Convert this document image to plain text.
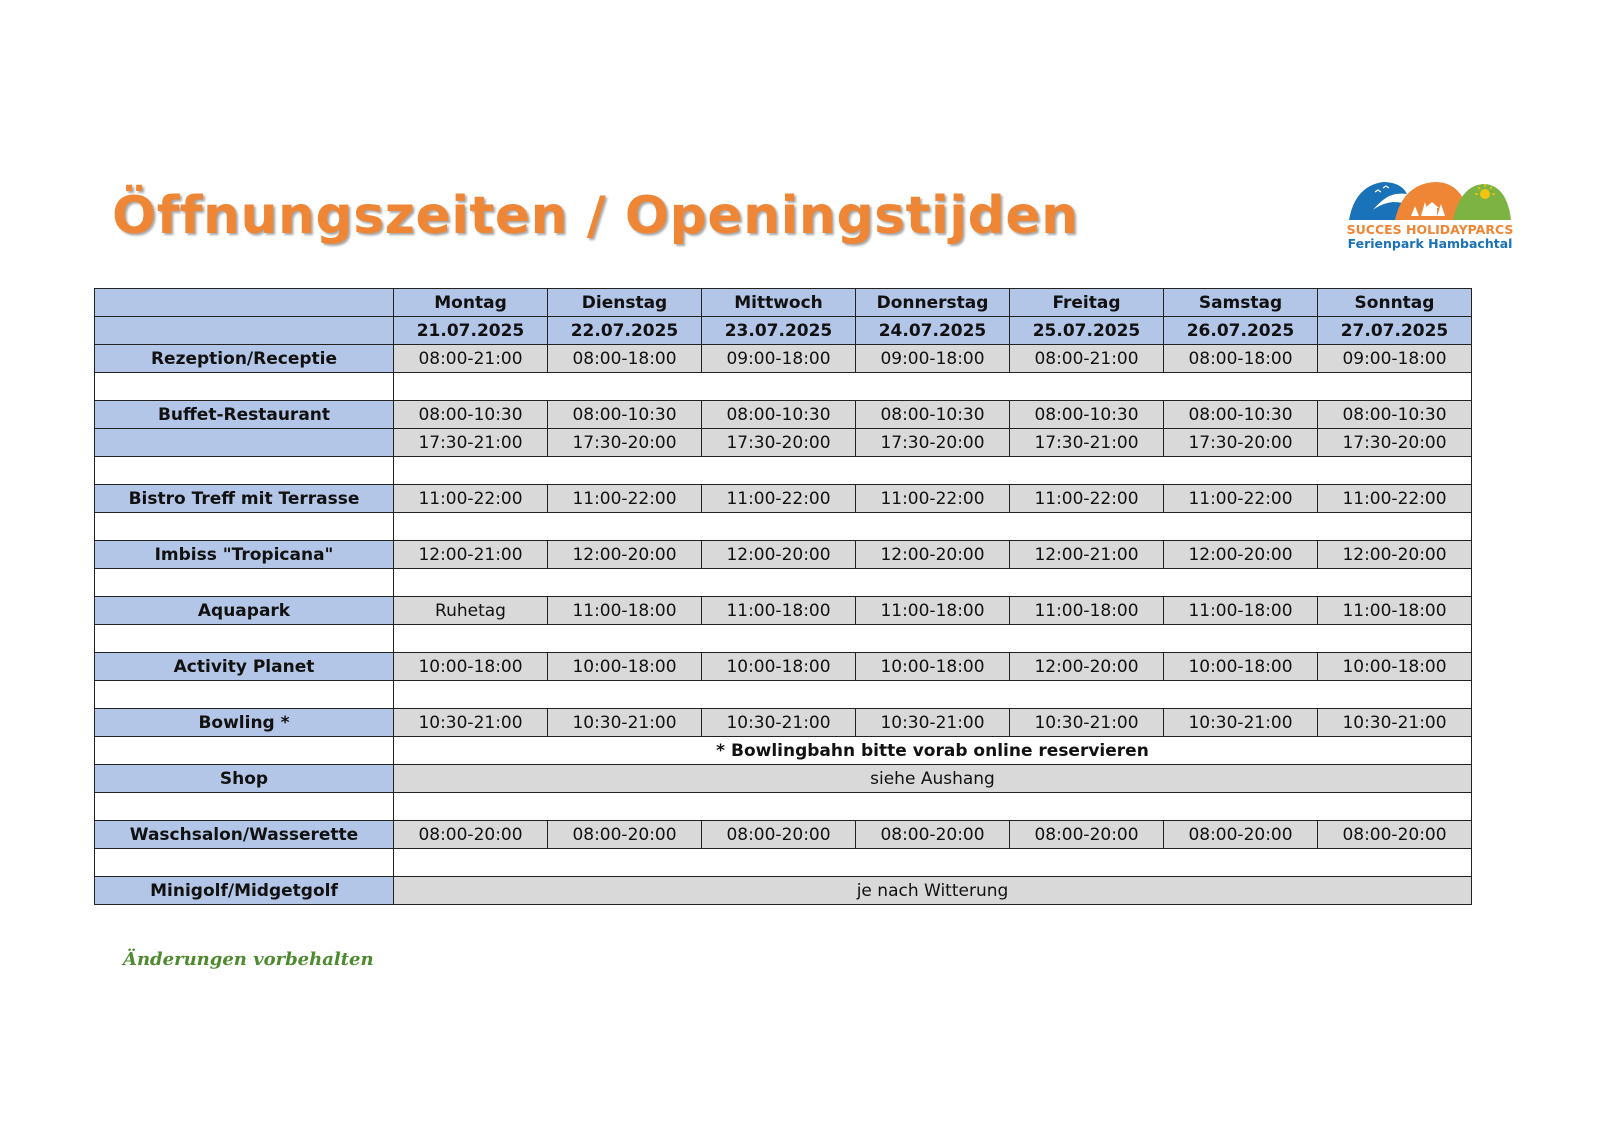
Öffnungszeiten / Openingstijden	SUCCES HOLIDAYPARCS
Ferienpark Hambachtal
	Montag	Dienstag	Mittwoch	Donnerstag	Freitag	Samstag	Sonntag
	21.07.2025	22.07.2025	23.07.2025	24.07.2025	25.07.2025	26.07.2025	27.07.2025
Rezeption/Receptie	08:00-21:00	08:00-18:00	09:00-18:00	09:00-18:00	08:00-21:00	08:00-18:00	09:00-18:00

Buffet-Restaurant	08:00-10:30	08:00-10:30	08:00-10:30	08:00-10:30	08:00-10:30	08:00-10:30	08:00-10:30
	17:30-21:00	17:30-20:00	17:30-20:00	17:30-20:00	17:30-21:00	17:30-20:00	17:30-20:00

Bistro Treff mit Terrasse	11:00-22:00	11:00-22:00	11:00-22:00	11:00-22:00	11:00-22:00	11:00-22:00	11:00-22:00

Imbiss "Tropicana"	12:00-21:00	12:00-20:00	12:00-20:00	12:00-20:00	12:00-21:00	12:00-20:00	12:00-20:00

Aquapark	Ruhetag	11:00-18:00	11:00-18:00	11:00-18:00	11:00-18:00	11:00-18:00	11:00-18:00

Activity Planet	10:00-18:00	10:00-18:00	10:00-18:00	10:00-18:00	12:00-20:00	10:00-18:00	10:00-18:00

Bowling *	10:30-21:00	10:30-21:00	10:30-21:00	10:30-21:00	10:30-21:00	10:30-21:00	10:30-21:00
	* Bowlingbahn bitte vorab online reservieren						
Shop	siehe Aushang						

Waschsalon/Wasserette	08:00-20:00	08:00-20:00	08:00-20:00	08:00-20:00	08:00-20:00	08:00-20:00	08:00-20:00

Minigolf/Midgetgolf	je nach Witterung						
Änderungen vorbehalten
